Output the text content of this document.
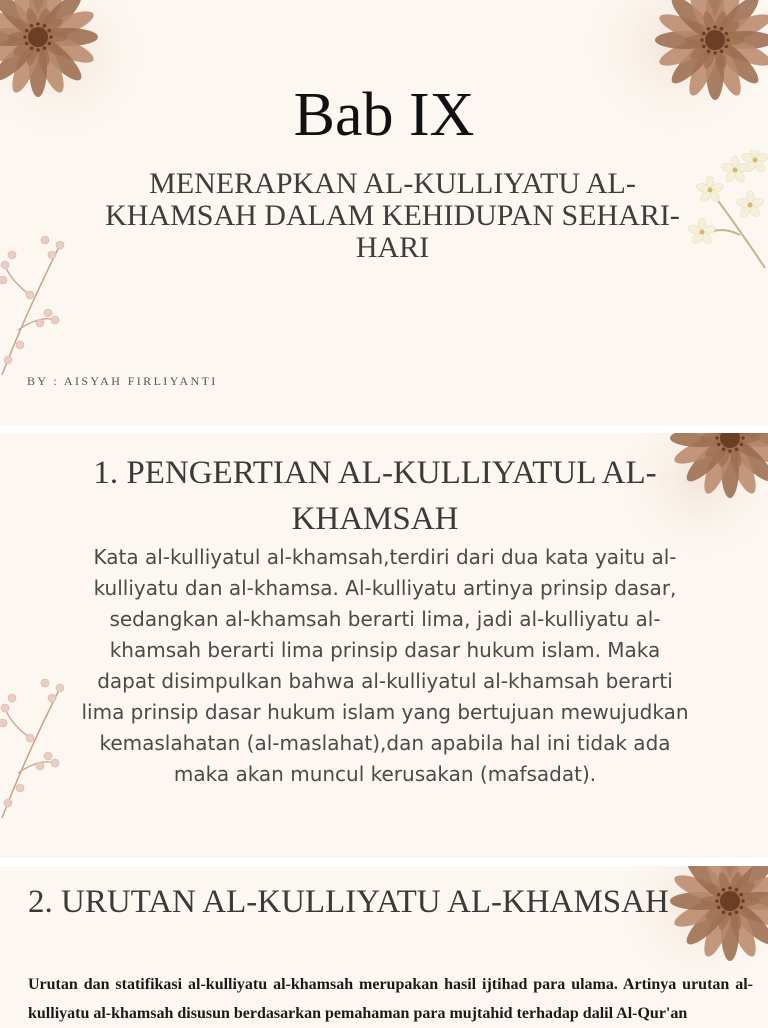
Bab IX
MENERAPKAN AL-KULLIYATU AL-KHAMSAH DALAM KEHIDUPAN SEHARI-HARI
BY : AISYAH FIRLIYANTI
1. PENGERTIAN AL-KULLIYATUL AL-KHAMSAH
Kata al-kulliyatul al-khamsah,terdiri dari dua kata yaitu al-kulliyatu dan al-khamsa. Al-kulliyatu artinya prinsip dasar, sedangkan al-khamsah berarti lima, jadi al-kulliyatu al-khamsah berarti lima prinsip dasar hukum islam. Maka dapat disimpulkan bahwa al-kulliyatul al-khamsah berarti lima prinsip dasar hukum islam yang bertujuan mewujudkan kemaslahatan (al-maslahat),dan apabila hal ini tidak ada maka akan muncul kerusakan (mafsadat).
2. URUTAN AL-KULLIYATU AL-KHAMSAH
Urutan dan statifikasi al-kulliyatu al-khamsah merupakan hasil ijtihad para ulama. Artinya urutan al-kulliyatu al-khamsah disusun berdasarkan pemahaman para mujtahid terhadap dalil Al-Qur'an
